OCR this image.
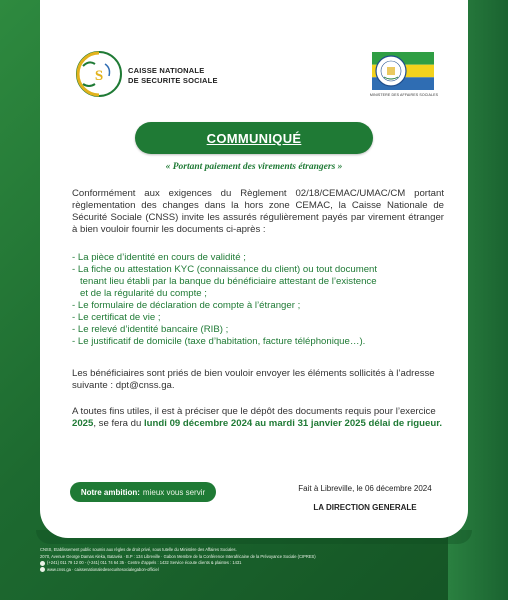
S	CAISSE NATIONALE
DE SECURITE SOCIALE
MINISTERE DES AFFAIRES SOCIALES
COMMUNIQUÉ
« Portant paiement des virements étrangers »
Conformément aux exigences du Règlement 02/18/CEMAC/UMAC/CM portant règlementation des changes dans la hors zone CEMAC, la Caisse Nationale de Sécurité Sociale (CNSS) invite les assurés régulièrement payés par virement étranger à bien vouloir fournir les documents ci-après :
- La pièce d’identité en cours de validité ;
- La fiche ou attestation KYC (connaissance du client) ou tout document
tenant lieu établi par la banque du bénéficiaire attestant de l’existence
et de la régularité du compte ;
- Le formulaire de déclaration de compte à l’étranger ;
- Le certificat de vie ;
- Le relevé d’identité bancaire (RIB) ;
- Le justificatif de domicile (taxe d’habitation, facture téléphonique…).
Les bénéficiaires sont priés de bien vouloir envoyer les éléments sollicités à l’adresse suivante : dpt@cnss.ga.
A toutes fins utiles, il est à préciser que le dépôt des documents requis pour l’exercice 2025, se fera du lundi 09 décembre 2024 au mardi 31 janvier 2025 délai de rigueur.
Notre ambition: mieux vous servir	Fait à Libreville, le 06 décembre 2024
LA DIRECTION GENERALE
CNSS, Etablissement public soumis aux règles de droit privé, sous tutelle du Ministère des Affaires Sociales.
2070, Avenue George Damas Aleka, Batavéa · B.P : 134 Libreville · Gabon Membre de la Conférence Interafricaine de la Prévoyance Sociale (CIPRES)
(+241) 011 79 12 00 - (+241) 011 74 64 35 · Centre d’appels : 1432 Service écoute clients & plaintes : 1431
www.cnss.ga · caissenationaledesecuritesocialegabon-officiel
